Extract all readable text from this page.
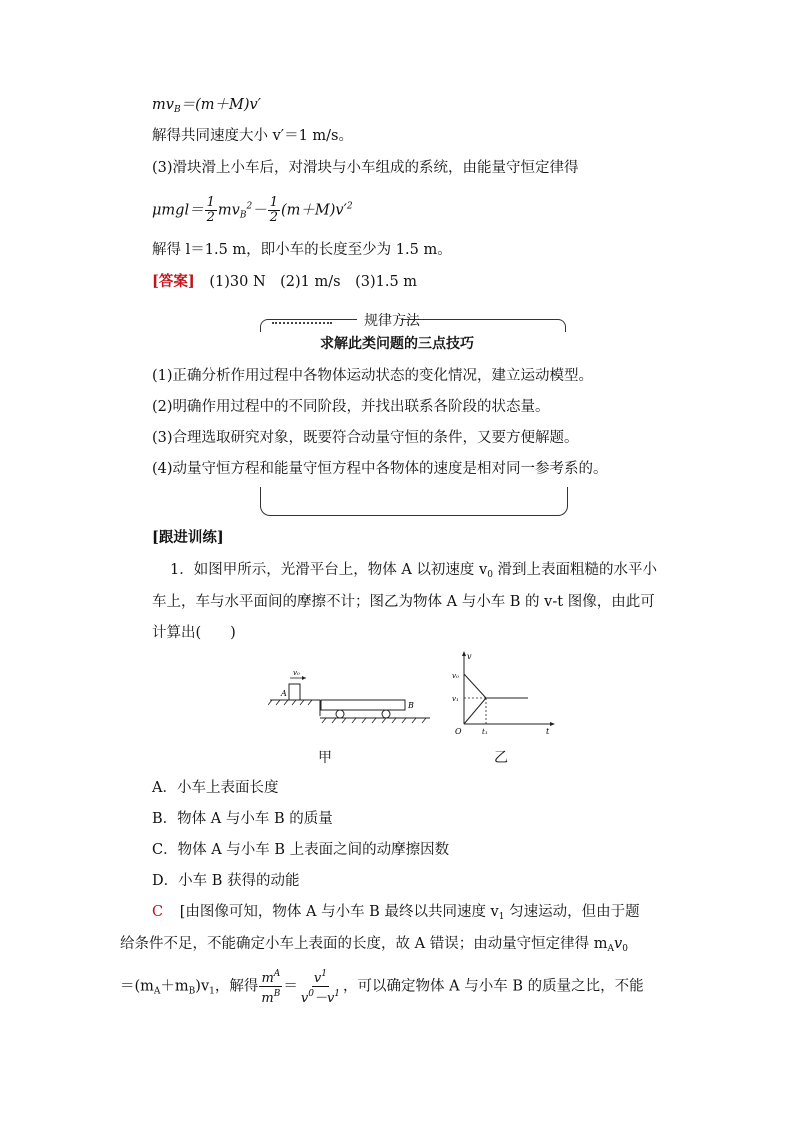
$mv_B=(m+M)v'$
解得共同速度大小 v′＝1 m/s。
(3)滑块滑上小车后，对滑块与小车组成的系统，由能量守恒定律得
$\mu mgl= \frac{1}{2} mv_B^2- \frac{1}{2} (m+M)v'^2$
解得 l＝1.5 m，即小车的长度至少为 1.5 m。
[答案] (1)30 N　(2)1 m/s　(3)1.5 m
规律方法
求解此类问题的三点技巧
(1)正确分析作用过程中各物体运动状态的变化情况，建立运动模型。
(2)明确作用过程中的不同阶段，并找出联系各阶段的状态量。
(3)合理选取研究对象，既要符合动量守恒的条件，又要方便解题。
(4)动量守恒方程和能量守恒方程中各物体的速度是相对同一参考系的。
[跟进训练]
1．如图甲所示，光滑平台上，物体 A 以初速度 $v_0$ 滑到上表面粗糙的水平小
车上，车与水平面间的摩擦不计；图乙为物体 A 与小车 B 的 v-t 图像，由此可
计算出(　　)
v₀
A
B
v
t
O
v₀
v₁
t₁
甲	乙
A．小车上表面长度
B．物体 A 与小车 B 的质量
C．物体 A 与小车 B 上表面之间的动摩擦因数
D．小车 B 获得的动能
C [由图像可知，物体 A 与小车 B 最终以共同速度 $v_1$ 匀速运动，但由于题
给条件不足，不能确定小车上表面的长度，故 A 错误；由动量守恒定律得 $m_Av_0$
$=(m_A+m_B)v_1$，解得 $\frac{m^A}{m^B} = \frac{v^1}{v^0-v^1}$ ，可以确定物体 A 与小车 B 的质量之比，不能
